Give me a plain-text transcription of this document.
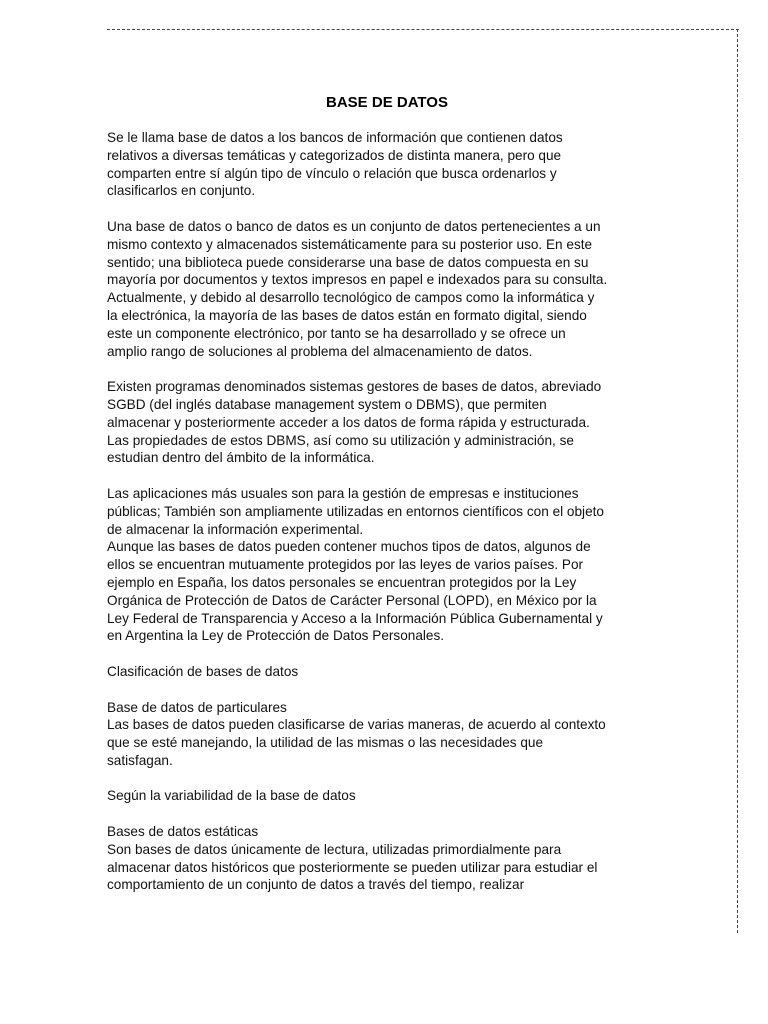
BASE DE DATOS
Se le llama base de datos a los bancos de información que contienen datos
relativos a diversas temáticas y categorizados de distinta manera, pero que
comparten entre sí algún tipo de vínculo o relación que busca ordenarlos y
clasificarlos en conjunto.
Una base de datos o banco de datos es un conjunto de datos pertenecientes a un
mismo contexto y almacenados sistemáticamente para su posterior uso. En este
sentido; una biblioteca puede considerarse una base de datos compuesta en su
mayoría por documentos y textos impresos en papel e indexados para su consulta.
Actualmente, y debido al desarrollo tecnológico de campos como la informática y
la electrónica, la mayoría de las bases de datos están en formato digital, siendo
este un componente electrónico, por tanto se ha desarrollado y se ofrece un
amplio rango de soluciones al problema del almacenamiento de datos.
Existen programas denominados sistemas gestores de bases de datos, abreviado
SGBD (del inglés database management system o DBMS), que permiten
almacenar y posteriormente acceder a los datos de forma rápida y estructurada.
Las propiedades de estos DBMS, así como su utilización y administración, se
estudian dentro del ámbito de la informática.
Las aplicaciones más usuales son para la gestión de empresas e instituciones
públicas; También son ampliamente utilizadas en entornos científicos con el objeto
de almacenar la información experimental.
Aunque las bases de datos pueden contener muchos tipos de datos, algunos de
ellos se encuentran mutuamente protegidos por las leyes de varios países. Por
ejemplo en España, los datos personales se encuentran protegidos por la Ley
Orgánica de Protección de Datos de Carácter Personal (LOPD), en México por la
Ley Federal de Transparencia y Acceso a la Información Pública Gubernamental y
en Argentina la Ley de Protección de Datos Personales.
Clasificación de bases de datos
Base de datos de particulares
Las bases de datos pueden clasificarse de varias maneras, de acuerdo al contexto
que se esté manejando, la utilidad de las mismas o las necesidades que
satisfagan.
Según la variabilidad de la base de datos
Bases de datos estáticas
Son bases de datos únicamente de lectura, utilizadas primordialmente para
almacenar datos históricos que posteriormente se pueden utilizar para estudiar el
comportamiento de un conjunto de datos a través del tiempo, realizar
